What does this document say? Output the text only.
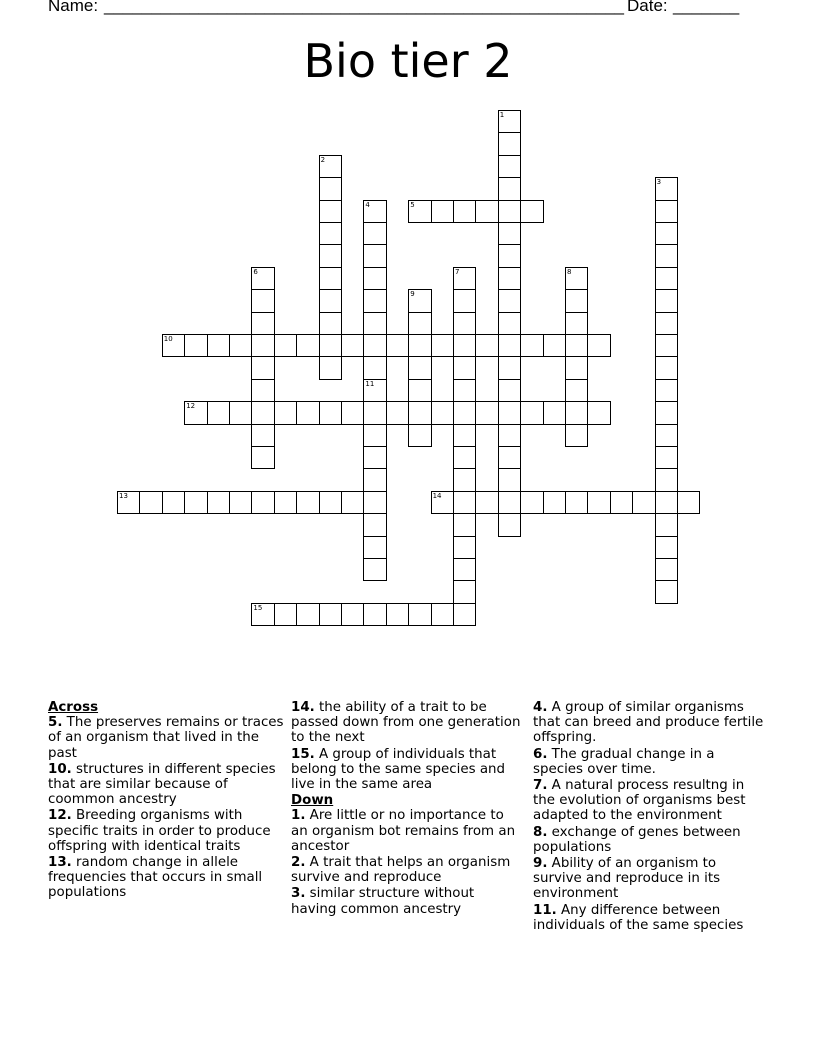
Name: _______________________________________________________ Date: _______
Bio tier 2
5
10
12
13	14
15
1
2
3
4
6	7	8
9
11
Across
5. The preserves remains or traces of an organism that lived in the past
10. structures in different species that are similar because of coommon ancestry
12. Breeding organisms with specific traits in order to produce offspring with identical traits
13. random change in allele frequencies that occurs in small populations
14. the ability of a trait to be passed down from one generation to the next
15. A group of individuals that belong to the same species and live in the same area
Down
1. Are little or no importance to an organism bot remains from an ancestor
2. A trait that helps an organism survive and reproduce
3. similar structure without having common ancestry
4. A group of similar organisms that can breed and produce fertile offspring.
6. The gradual change in a species over time.
7. A natural process resultng in the evolution of organisms best adapted to the environment
8. exchange of genes between populations
9. Ability of an organism to survive and reproduce in its environment
11. Any difference between individuals of the same species
